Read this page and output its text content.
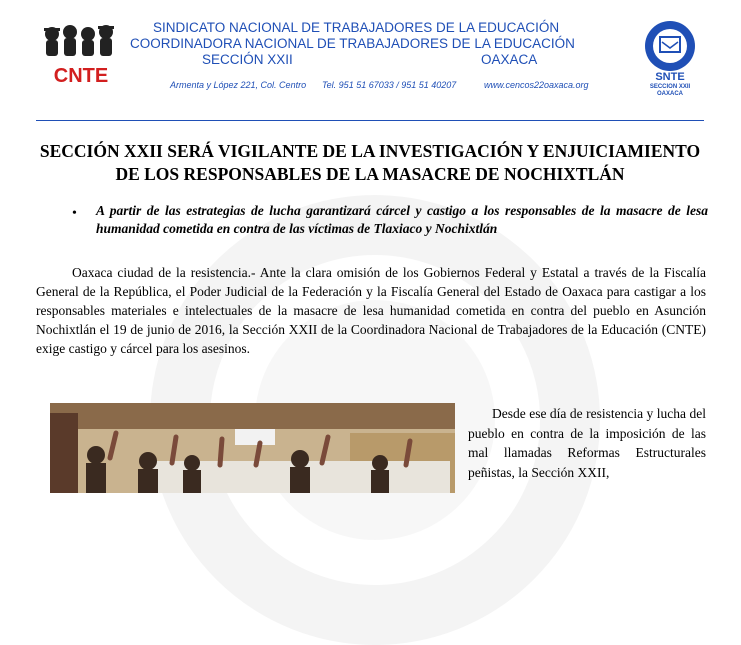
CNTE	SNTE
SECCION XXII
OAXACA
SINDICATO NACIONAL DE TRABAJADORES DE LA EDUCACIÓN
COORDINADORA NACIONAL DE TRABAJADORES DE LA EDUCACIÓN
SECCIÓN XXII	OAXACA
Armenta y López 221, Col. Centro Tel. 951 51 67033 / 951 51 40207	www.cencos22oaxaca.org
SECCIÓN XXII SERÁ VIGILANTE DE LA INVESTIGACIÓN Y ENJUICIAMIENTO
DE LOS RESPONSABLES DE LA MASACRE DE NOCHIXTLÁN
• A partir de las estrategias de lucha garantizará cárcel y castigo a los responsables de la masacre de lesa humanidad cometida en contra de las víctimas de Tlaxiaco y Nochixtlán
Oaxaca ciudad de la resistencia.- Ante la clara omisión de los Gobiernos Federal y Estatal a través de la Fiscalía General de la República, el Poder Judicial de la Federación y la Fiscalía General del Estado de Oaxaca para castigar a los responsables materiales e intelectuales de la masacre de lesa humanidad cometida en contra del pueblo en Asunción Nochixtlán el 19 de junio de 2016, la Sección XXII de la Coordinadora Nacional de Trabajadores de la Educación (CNTE) exige castigo y cárcel para los asesinos.
Desde ese día de resistencia y lucha del pueblo en contra de la imposición de las mal llamadas Reformas Estructurales peñistas, la Sección XXII,
